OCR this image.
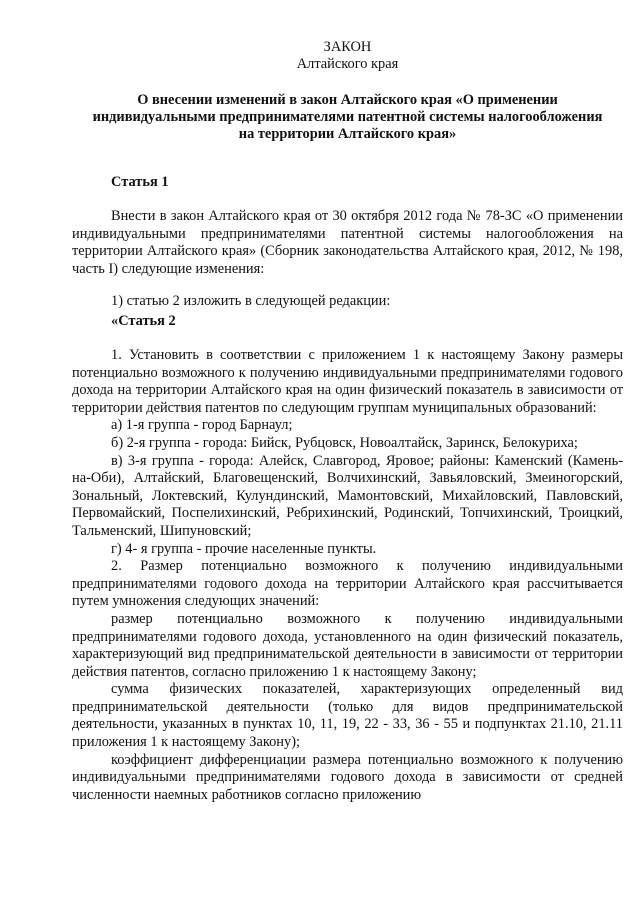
ЗАКОН
Алтайского края
О внесении изменений в закон Алтайского края «О применении индивидуальными предпринимателями патентной системы налогообложения на территории Алтайского края»
Статья 1
Внести в закон Алтайского края от 30 октября 2012 года № 78-ЗС «О применении индивидуальными предпринимателями патентной системы налогообложения на территории Алтайского края» (Сборник законодательства Алтайского края, 2012, № 198, часть I) следующие изменения:
1) статью 2 изложить в следующей редакции:
«Статья 2
1. Установить в соответствии с приложением 1 к настоящему Закону размеры потенциально возможного к получению индивидуальными предпринимателями годового дохода на территории Алтайского края на один физический показатель в зависимости от территории действия патентов по следующим группам муниципальных образований:
а) 1-я группа - город Барнаул;
б) 2-я группа - города: Бийск, Рубцовск, Новоалтайск, Заринск, Белокуриха;
в) 3-я группа - города: Алейск, Славгород, Яровое; районы: Каменский (Камень-на-Оби), Алтайский, Благовещенский, Волчихинский, Завьяловский, Змеиногорский, Зональный, Локтевский, Кулундинский, Мамонтовский, Михайловский, Павловский, Первомайский, Поспелихинский, Ребрихинский, Родинский, Топчихинский, Троицкий, Тальменский, Шипуновский;
г) 4- я группа - прочие населенные пункты.
2. Размер потенциально возможного к получению индивидуальными предпринимателями годового дохода на территории Алтайского края рассчитывается путем умножения следующих значений:
размер потенциально возможного к получению индивидуальными предпринимателями годового дохода, установленного на один физический показатель, характеризующий вид предпринимательской деятельности в зависимости от территории действия патентов, согласно приложению 1 к настоящему Закону;
сумма физических показателей, характеризующих определенный вид предпринимательской деятельности (только для видов предпринимательской деятельности, указанных в пунктах 10, 11, 19, 22 - 33, 36 - 55 и подпунктах 21.10, 21.11 приложения 1 к настоящему Закону);
коэффициент дифференциации размера потенциально возможного к получению индивидуальными предпринимателями годового дохода в зависимости от средней численности наемных работников согласно приложению
